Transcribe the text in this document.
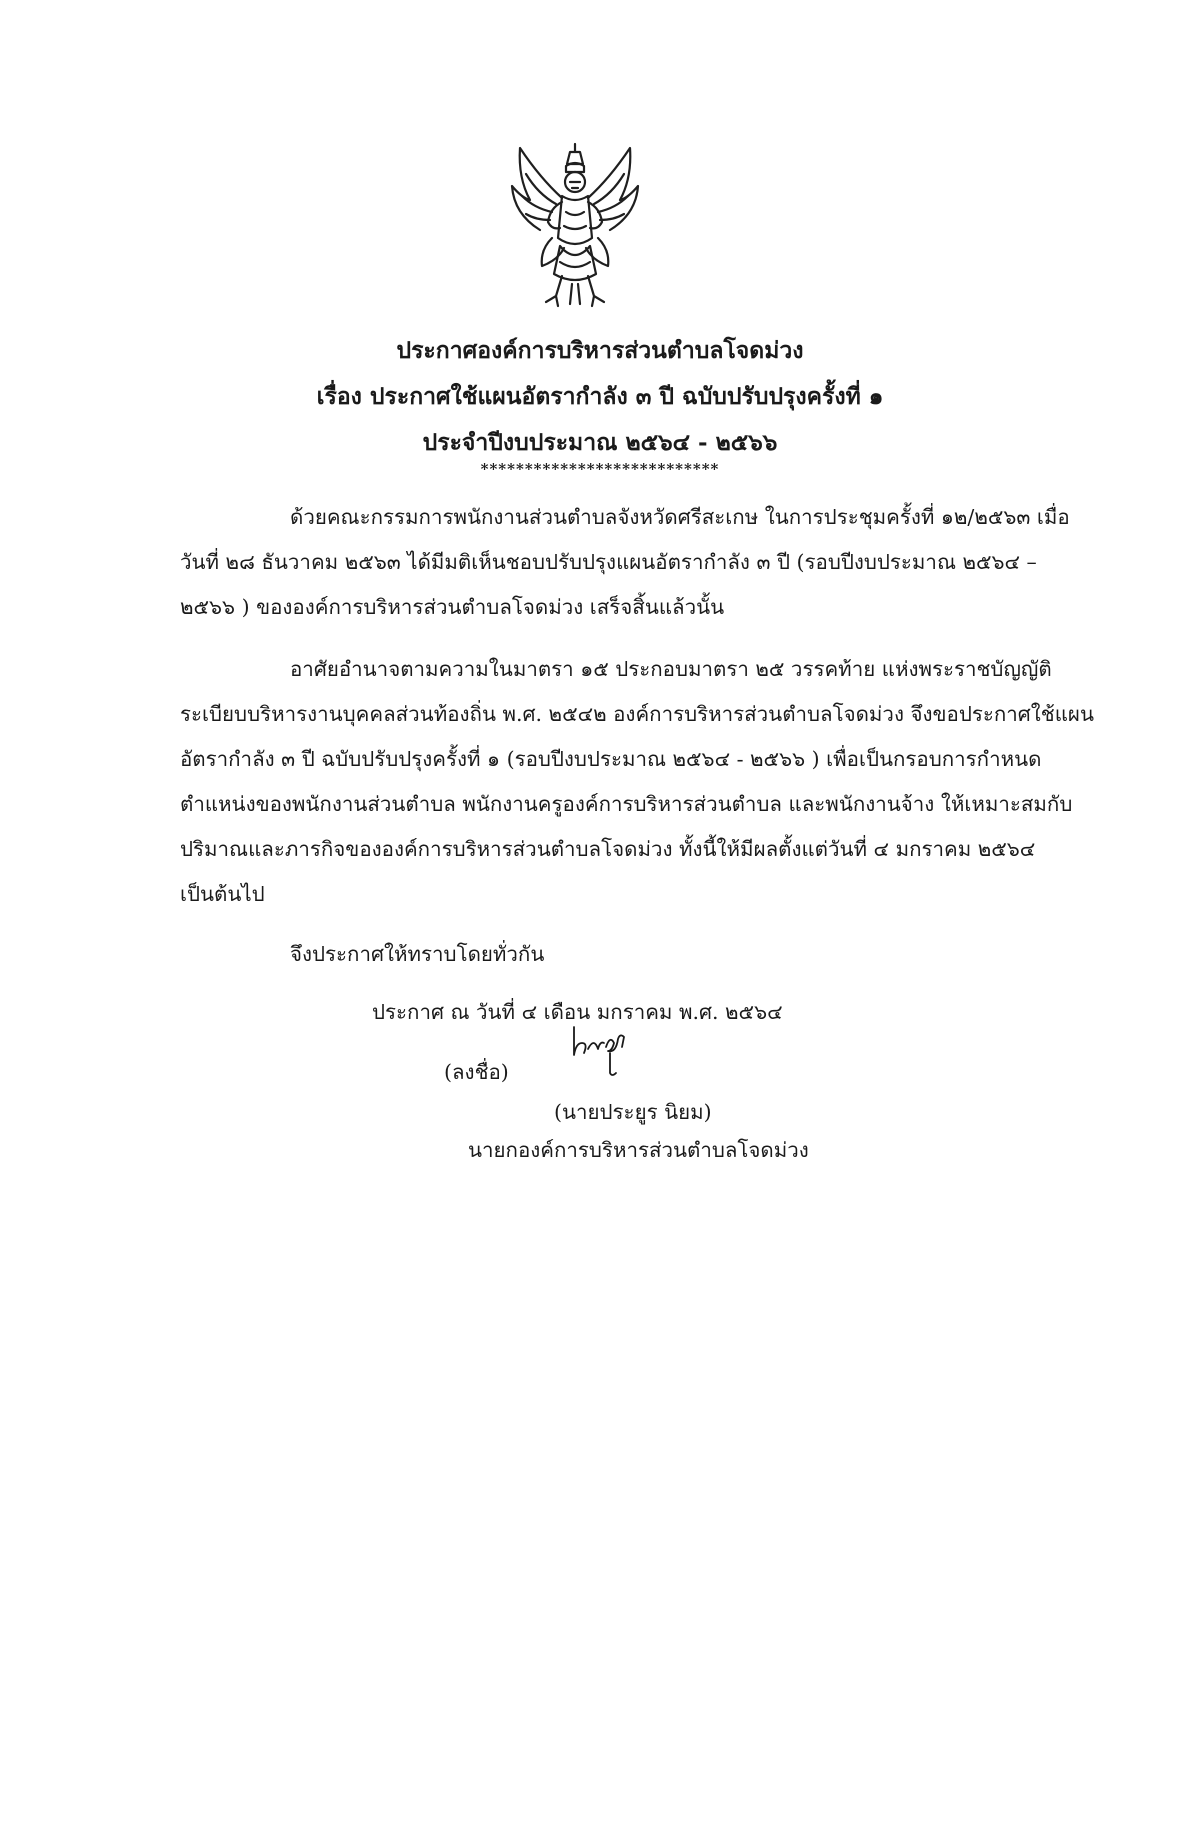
ประกาศองค์การบริหารส่วนตำบลโจดม่วง
เรื่อง ประกาศใช้แผนอัตรากำลัง ๓ ปี ฉบับปรับปรุงครั้งที่ ๑
ประจำปีงบประมาณ ๒๕๖๔ - ๒๕๖๖
***************************
ด้วยคณะกรรมการพนักงานส่วนตำบลจังหวัดศรีสะเกษ ในการประชุมครั้งที่ ๑๒/๒๕๖๓ เมื่อ
วันที่ ๒๘ ธันวาคม ๒๕๖๓ ได้มีมติเห็นชอบปรับปรุงแผนอัตรากำลัง ๓ ปี (รอบปีงบประมาณ ๒๕๖๔ –
๒๕๖๖ ) ขององค์การบริหารส่วนตำบลโจดม่วง เสร็จสิ้นแล้วนั้น
อาศัยอำนาจตามความในมาตรา ๑๕ ประกอบมาตรา ๒๕ วรรคท้าย แห่งพระราชบัญญัติ
ระเบียบบริหารงานบุคคลส่วนท้องถิ่น พ.ศ. ๒๕๔๒ องค์การบริหารส่วนตำบลโจดม่วง จึงขอประกาศใช้แผน
อัตรากำลัง ๓ ปี ฉบับปรับปรุงครั้งที่ ๑ (รอบปีงบประมาณ ๒๕๖๔ - ๒๕๖๖ ) เพื่อเป็นกรอบการกำหนด
ตำแหน่งของพนักงานส่วนตำบล พนักงานครูองค์การบริหารส่วนตำบล และพนักงานจ้าง ให้เหมาะสมกับ
ปริมาณและภารกิจขององค์การบริหารส่วนตำบลโจดม่วง ทั้งนี้ให้มีผลตั้งแต่วันที่ ๔ มกราคม ๒๕๖๔
เป็นต้นไป
จึงประกาศให้ทราบโดยทั่วกัน
ประกาศ ณ วันที่ ๔ เดือน มกราคม พ.ศ. ๒๕๖๔
(ลงชื่อ)
(นายประยูร นิยม)
นายกองค์การบริหารส่วนตำบลโจดม่วง
